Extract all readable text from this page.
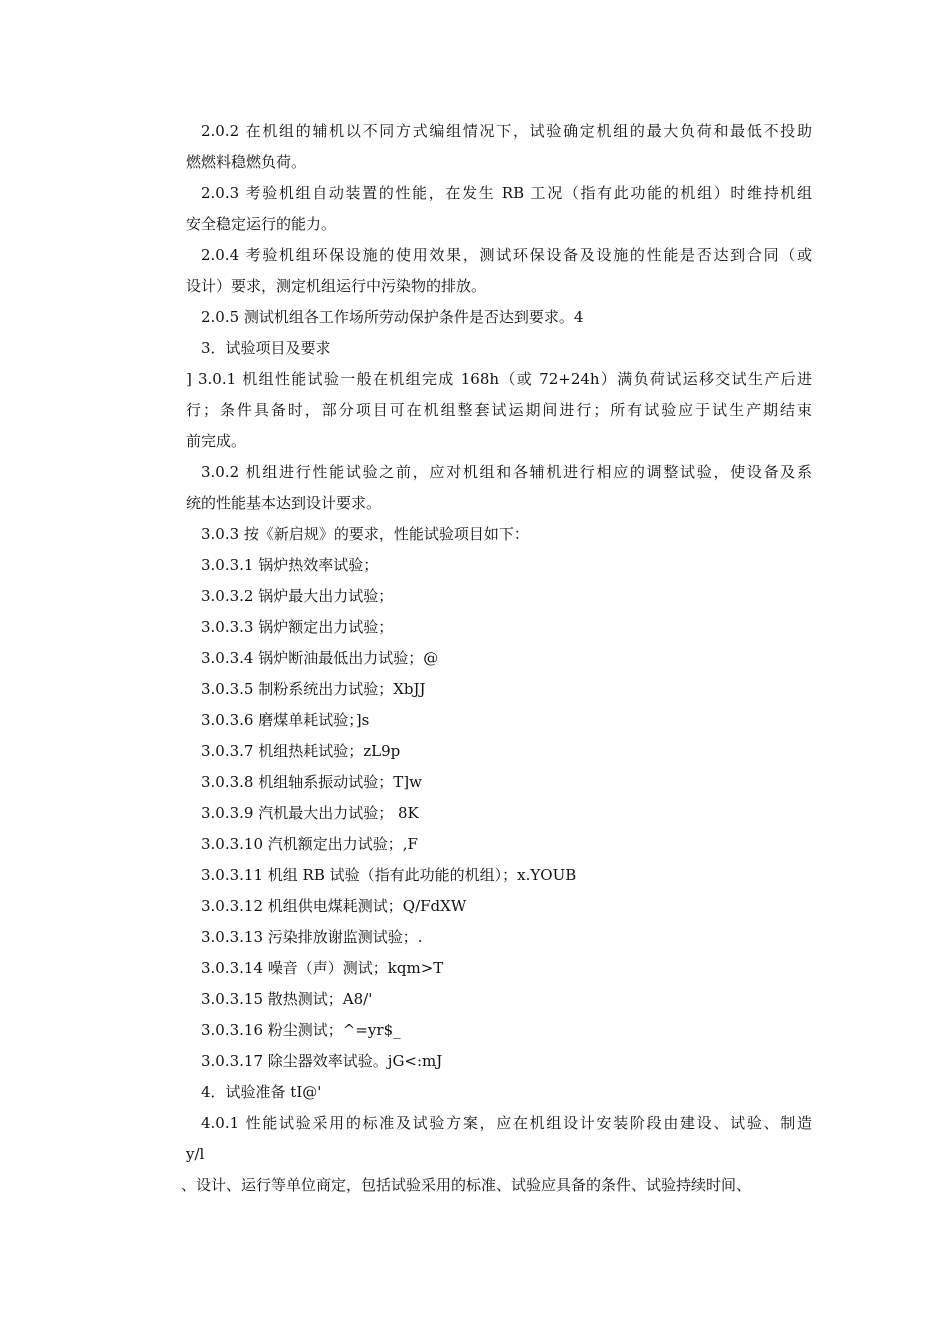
2.0.2 在机组的辅机以不同方式编组情况下，试验确定机组的最大负荷和最低不投助
燃燃料稳燃负荷。
2.0.3 考验机组自动装置的性能，在发生 RB 工况（指有此功能的机组）时维持机组
安全稳定运行的能力。
2.0.4 考验机组环保设施的使用效果，测试环保设备及设施的性能是否达到合同（或
设计）要求，测定机组运行中污染物的排放。
2.0.5 测试机组各工作场所劳动保护条件是否达到要求。4
3．试验项目及要求
] 3.0.1 机组性能试验一般在机组完成 168h（或 72+24h）满负荷试运移交试生产后进
行；条件具备时，部分项目可在机组整套试运期间进行；所有试验应于试生产期结束
前完成。
3.0.2 机组进行性能试验之前，应对机组和各辅机进行相应的调整试验，使设备及系
统的性能基本达到设计要求。
3.0.3 按《新启规》的要求，性能试验项目如下：
3.0.3.1 锅炉热效率试验；
3.0.3.2 锅炉最大出力试验；
3.0.3.3 锅炉额定出力试验；
3.0.3.4 锅炉断油最低出力试验；@
3.0.3.5 制粉系统出力试验；XbJJ
3.0.3.6 磨煤单耗试验；]s
3.0.3.7 机组热耗试验；zL9p
3.0.3.8 机组轴系振动试验；T]w
3.0.3.9 汽机最大出力试验； 8K
3.0.3.10 汽机额定出力试验；,F
3.0.3.11 机组 RB 试验（指有此功能的机组）；x.YOUB
3.0.3.12 机组供电煤耗测试；Q/FdXW
3.0.3.13 污染排放谢监测试验；.
3.0.3.14 噪音（声）测试；kqm>T
3.0.3.15 散热测试；A8/'
3.0.3.16 粉尘测试；^=yr$_
3.0.3.17 除尘器效率试验。jG<:mJ
4．试验准备 tI@'
4.0.1 性能试验采用的标准及试验方案，应在机组设计安装阶段由建设、试验、制造
y/l
、设计、运行等单位商定，包括试验采用的标准、试验应具备的条件、试验持续时间、
